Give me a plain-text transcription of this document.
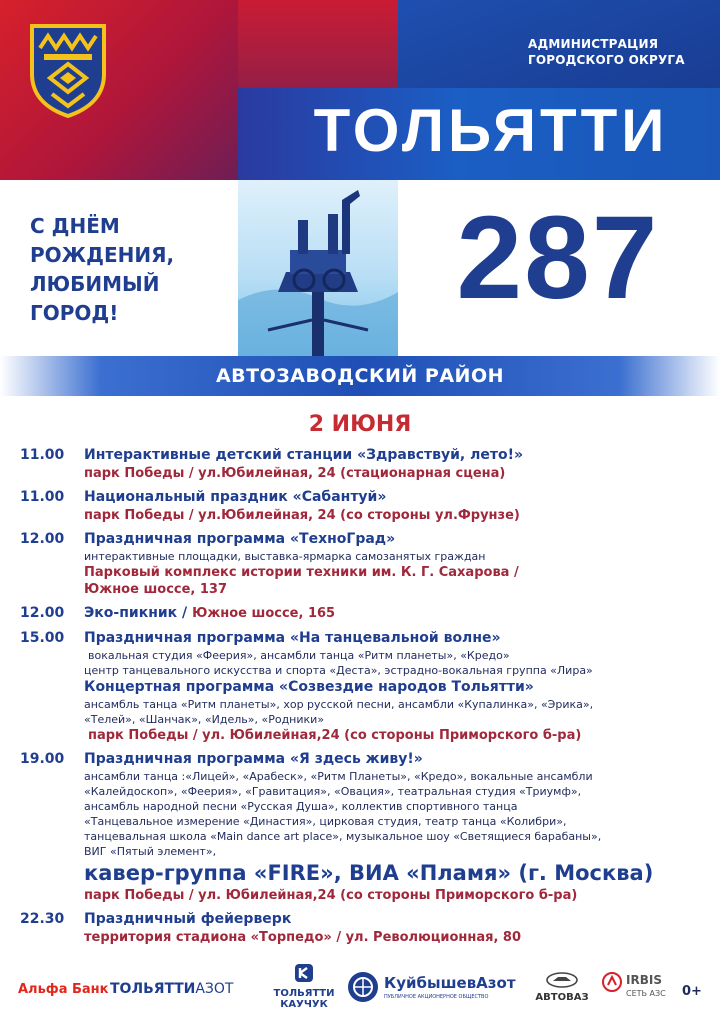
АДМИНИСТРАЦИЯ
ГОРОДСКОГО ОКРУГА
ТОЛЬЯТТИ
С ДНЁМ
РОЖДЕНИЯ,
ЛЮБИМЫЙ
ГОРОД!	287
АВТОЗАВОДСКИЙ РАЙОН
2 ИЮНЯ
11.00 Интерактивные детский станции «Здравствуй, лето!»
парк Победы / ул.Юбилейная, 24 (стационарная сцена)
11.00 Национальный праздник «Сабантуй»
парк Победы / ул.Юбилейная, 24 (со стороны ул.Фрунзе)
12.00 Праздничная программа «ТехноГрад»
интерактивные площадки, выставка-ярмарка самозанятых граждан
Парковый комплекс истории техники им. К. Г. Сахарова /
Южное шоссе, 137
12.00 Эко-пикник / Южное шоссе, 165
15.00 Праздничная программа «На танцевальной волне»
вокальная студия «Феерия», ансамбли танца «Ритм планеты», «Кредо»
центр танцевального искусства и спорта «Деста», эстрадно-вокальная группа «Лира»
Концертная программа «Созвездие народов Тольятти»
ансамбль танца «Ритм планеты», хор русской песни, ансамбли «Купалинка», «Эрика»,
«Телей», «Шанчак», «Идель», «Родники»
парк Победы / ул. Юбилейная,24 (со стороны Приморского б-ра)
19.00 Праздничная программа «Я здесь живу!»
ансамбли танца :«Лицей», «Арабеск», «Ритм Планеты», «Кредо», вокальные ансамбли
«Калейдоскоп», «Феерия», «Гравитация», «Овация», театральная студия «Триумф»,
ансамбль народной песни «Русская Душа», коллектив спортивного танца
«Танцевальное измерение «Династия», цирковая студия, театр танца «Колибри»,
танцевальная школа «Main dance art place», музыкальное шоу «Светящиеся барабаны»,
ВИГ «Пятый элемент»,
кавер-группа «FIRE», ВИА «Пламя» (г. Москва)
парк Победы / ул. Юбилейная,24 (со стороны Приморского б-ра)
22.30 Праздничный фейерверк
территория стадиона «Торпедо» / ул. Революционная, 80
Альфа Банк ТОЛЬЯТТИАЗОТ	ТОЛЬЯТТИ
КАУЧУК
КуйбышевАзот
ПУБЛИЧНОЕ АКЦИОНЕРНОЕ ОБЩЕСТВО	АВТОВАЗ
IRBIS
СЕТЬ АЗС 0+
